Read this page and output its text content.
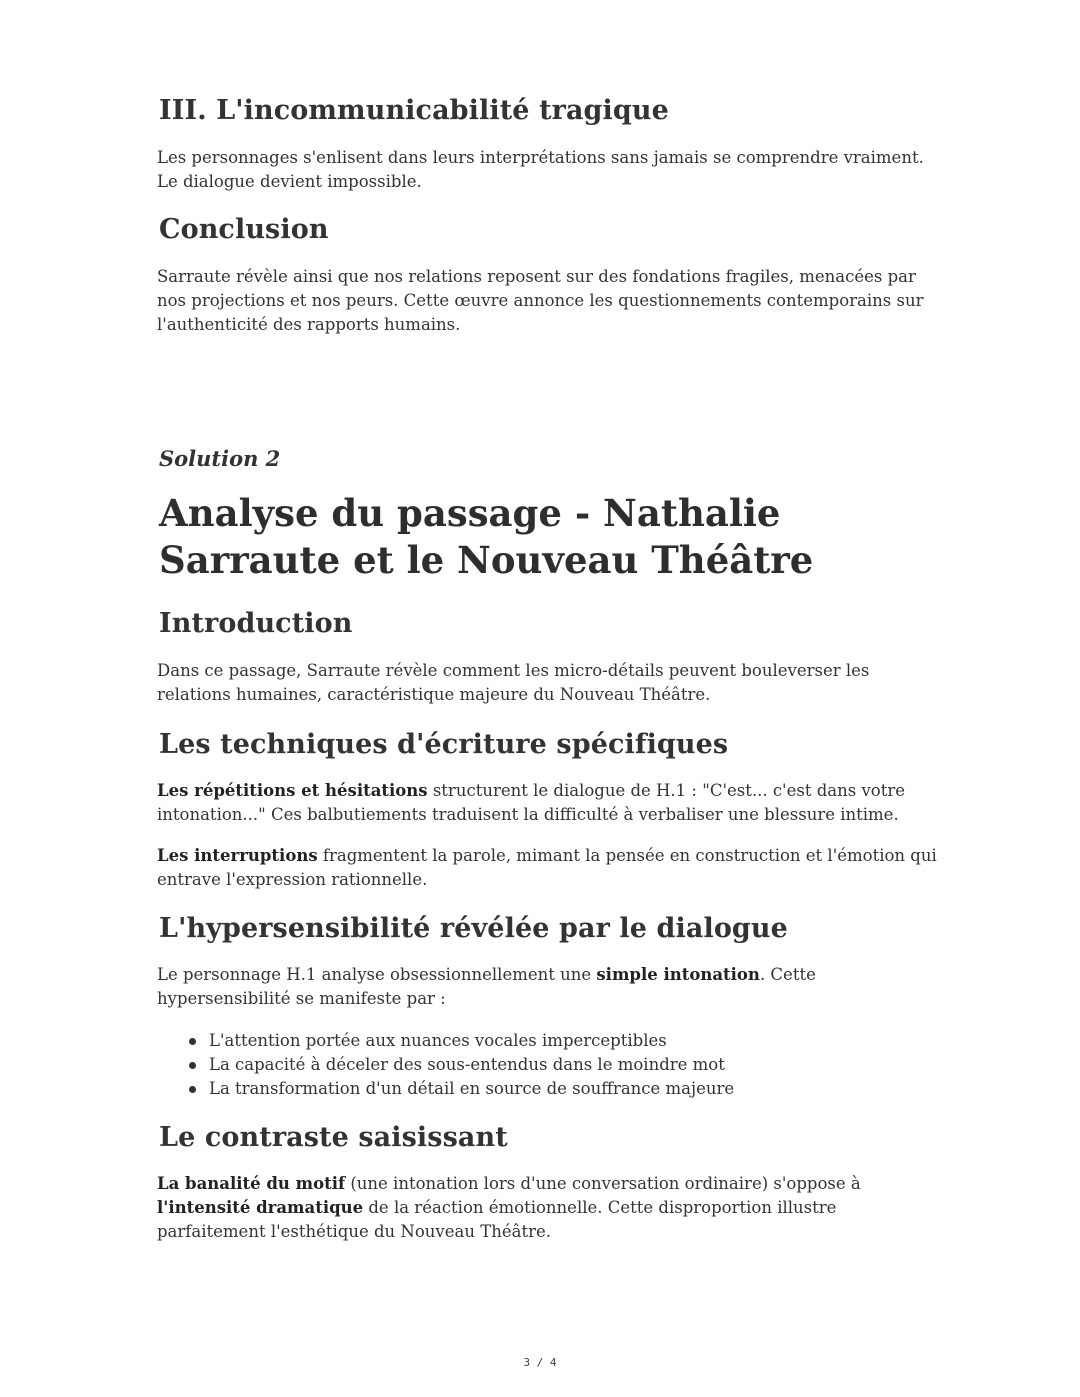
III. L'incommunicabilité tragique

Les personnages s'enlisent dans leurs interprétations sans jamais se comprendre vraiment. Le dialogue devient impossible.

Conclusion

Sarraute révèle ainsi que nos relations reposent sur des fondations fragiles, menacées par nos projections et nos peurs. Cette œuvre annonce les questionnements contemporains sur l'authenticité des rapports humains.

Solution 2
Analyse du passage - Nathalie Sarraute et le Nouveau Théâtre
Introduction

Dans ce passage, Sarraute révèle comment les micro-détails peuvent bouleverser les relations humaines, caractéristique majeure du Nouveau Théâtre.

Les techniques d'écriture spécifiques

Les répétitions et hésitations structurent le dialogue de H.1 : "C'est... c'est dans votre intonation..." Ces balbutiements traduisent la difficulté à verbaliser une blessure intime.

Les interruptions fragmentent la parole, mimant la pensée en construction et l'émotion qui entrave l'expression rationnelle.

L'hypersensibilité révélée par le dialogue

Le personnage H.1 analyse obsessionnellement une simple intonation. Cette hypersensibilité se manifeste par :

L'attention portée aux nuances vocales imperceptibles
La capacité à déceler des sous-entendus dans le moindre mot
La transformation d'un détail en source de souffrance majeure
Le contraste saisissant

La banalité du motif (une intonation lors d'une conversation ordinaire) s'oppose à l'intensité dramatique de la réaction émotionnelle. Cette disproportion illustre parfaitement l'esthétique du Nouveau Théâtre.

3 / 4
